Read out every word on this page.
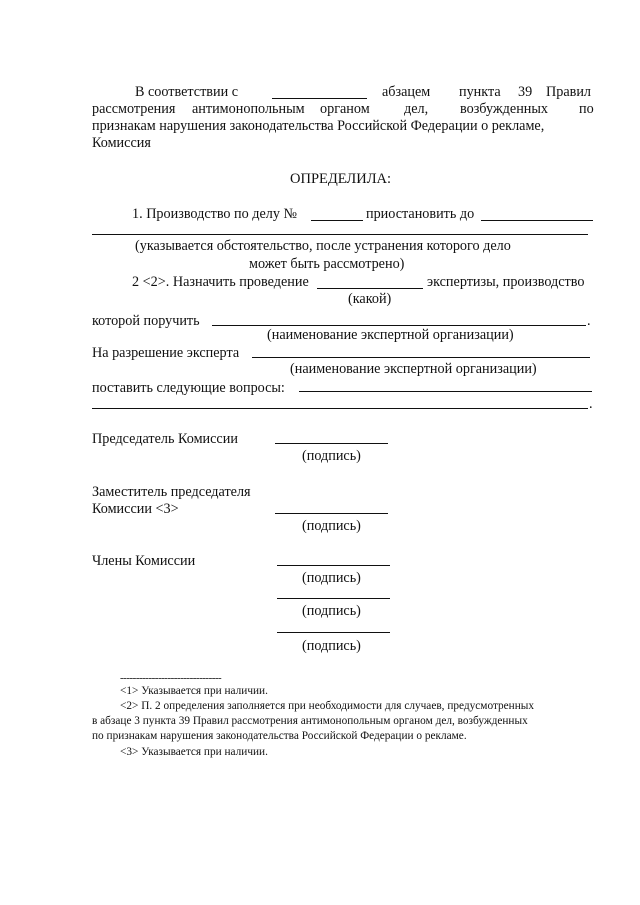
В соответствии с	абзацем пункта 39 Правил
рассмотрения антимонопольным органом дел, возбужденных по
признакам нарушения законодательства Российской Федерации о рекламе,
Комиссия
ОПРЕДЕЛИЛА:
1. Производство по делу №	приостановить до
(указывается обстоятельство, после устранения которого дело
может быть рассмотрено)
2 <2>. Назначить проведение	экспертизы, производство
(какой)
которой поручить	.
(наименование экспертной организации)
На разрешение эксперта
(наименование экспертной организации)
поставить следующие вопросы:
.
Председатель Комиссии
(подпись)
Заместитель председателя
Комиссии <3>
(подпись)
Члены Комиссии
(подпись)
(подпись)
(подпись)
--------------------------------
<1> Указывается при наличии.
<2> П. 2 определения заполняется при необходимости для случаев, предусмотренных
в абзаце 3 пункта 39 Правил рассмотрения антимонопольным органом дел, возбужденных
по признакам нарушения законодательства Российской Федерации о рекламе.
<3> Указывается при наличии.
